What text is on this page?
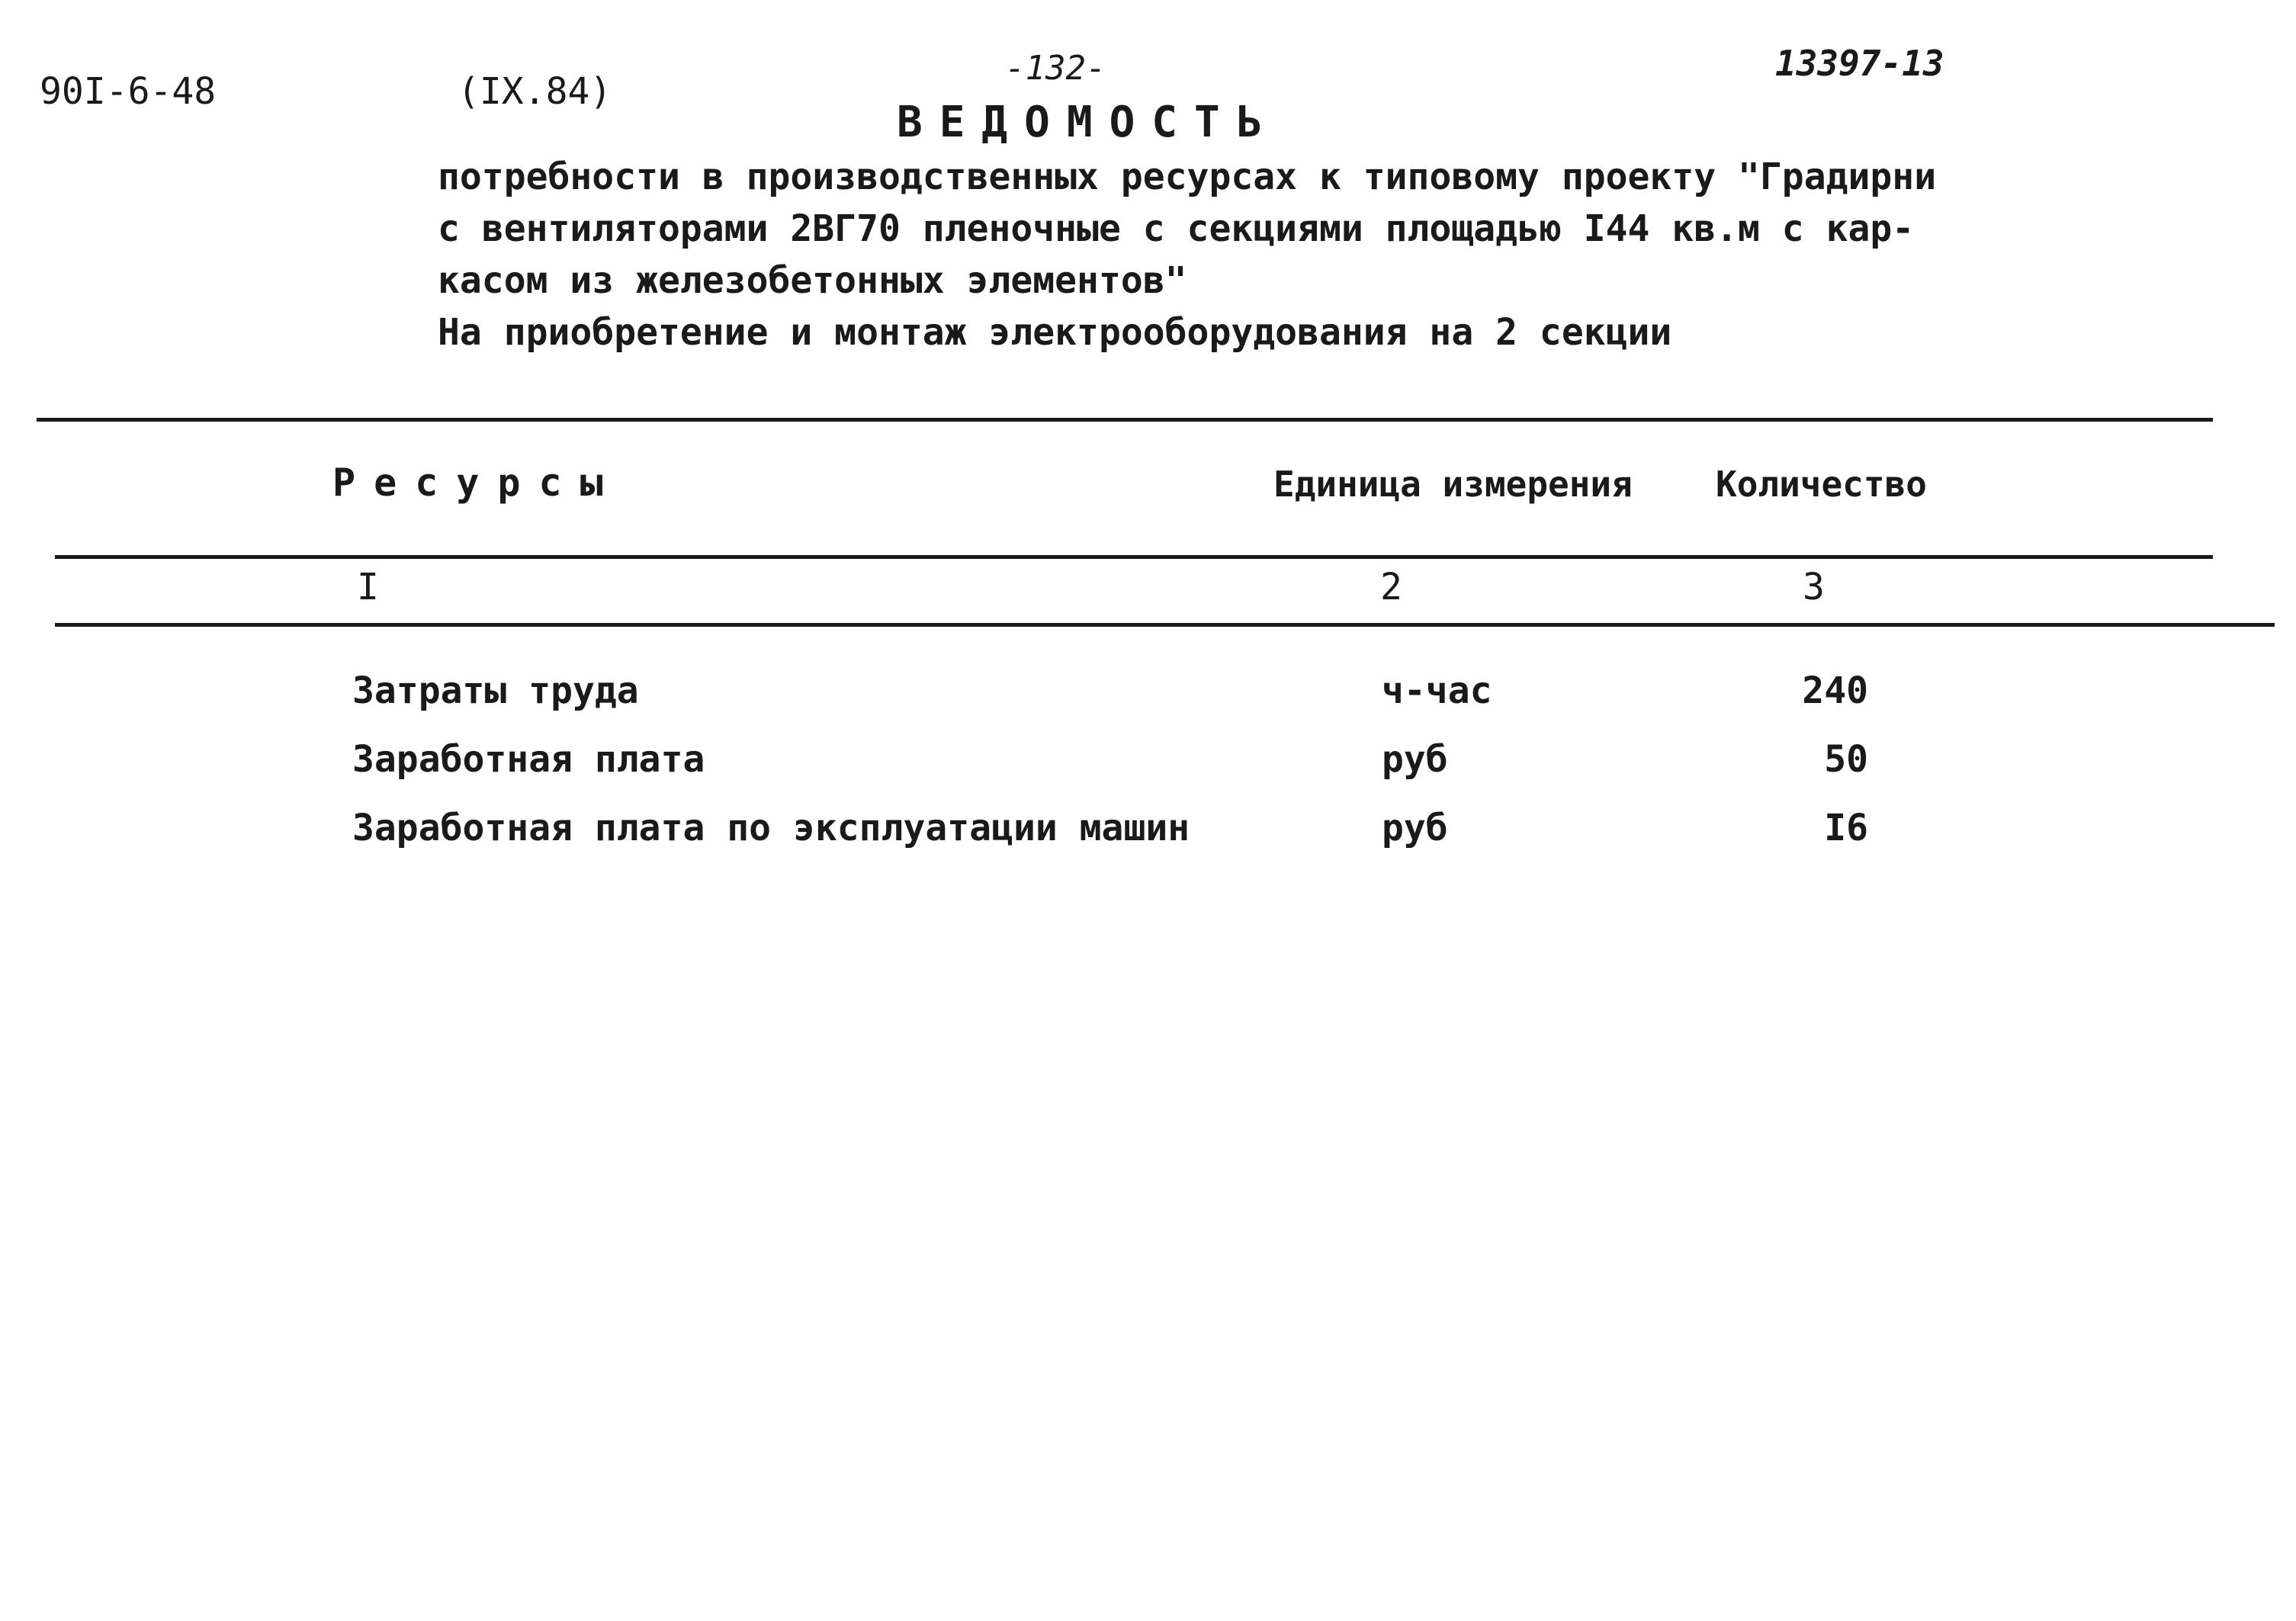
90I-6-48	(IX.84)
-132-	13397-13
ВЕДОМОСТЬ
потребности в производственных ресурсах к типовому проекту "Градирни
с вентиляторами 2ВГ70 пленочные с секциями площадью I44 кв.м с кар-
касом из железобетонных элементов"
На приобретение и монтаж электрооборудования на 2 секции
Ресурсы	Единица измерения Количество
I	2	3
Затраты труда	ч-час	240
Заработная плата	руб	50
Заработная плата по эксплуатации машин	руб	I6
